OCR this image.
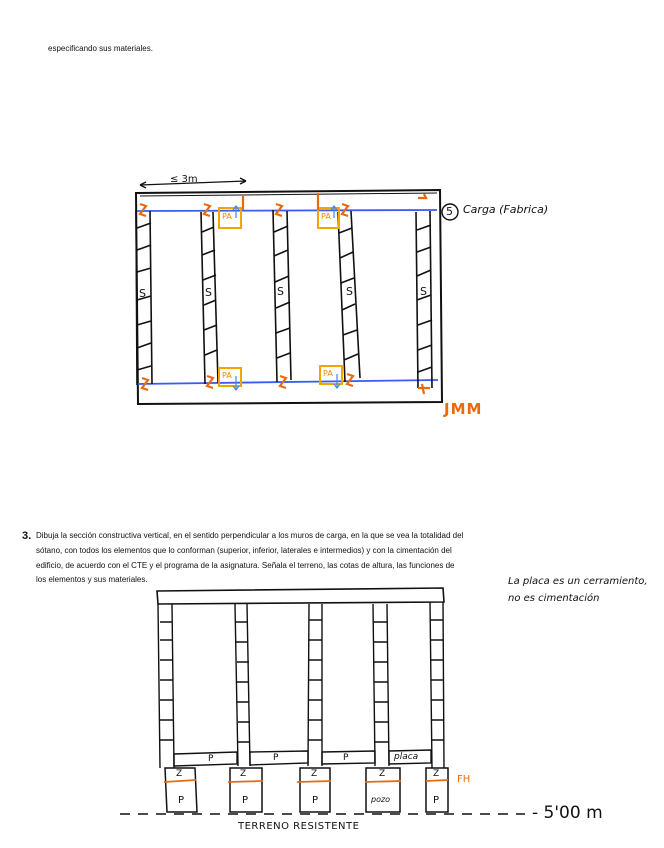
especificando sus materiales.
≤ 3m
5 Carga (Fabrica)
S	S	S	S	S
PA	PA
PA	PA
JMM
3. Dibuja la sección constructiva vertical, en el sentido perpendicular a los muros de carga, en la que se vea la totalidad del
sótano, con todos los elementos que lo conforman (superior, inferior, laterales e intermedios) y con la cimentación del
edificio, de acuerdo con el CTE y el programa de la asignatura. Señala el terreno, las cotas de altura, las funciones de
los elementos y sus materiales.	La placa es un cerramiento,
no es cimentación
placa
P	P	P
Z	Z	Z	Z	Z FH
P	P	P	pozo	P
- 5'00 m
TERRENO RESISTENTE
